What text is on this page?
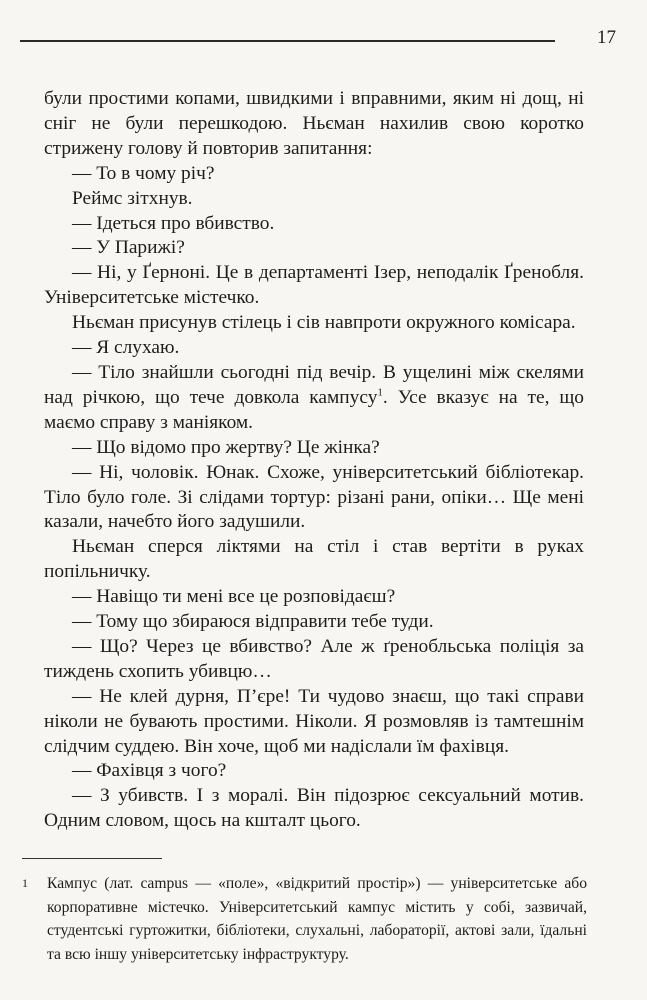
17

були простими копами, швидкими і вправними, яким ні дощ, ні сніг не були перешкодою. Ньєман нахилив свою коротко стрижену голову й повторив запитання:

— То в чому річ?

Реймс зітхнув.

— Ідеться про вбивство.

— У Парижі?

— Ні, у Ґерноні. Це в департаменті Ізер, неподалік Ґренобля. Університетське містечко.

Ньєман присунув стілець і сів навпроти окружного комісара.

— Я слухаю.

— Тіло знайшли сьогодні під вечір. В ущелині між скелями над річкою, що тече довкола кампусу$^1$. Усе вказує на те, що маємо справу з маніяком.

— Що відомо про жертву? Це жінка?

— Ні, чоловік. Юнак. Схоже, університетський бібліотекар. Тіло було голе. Зі слідами тортур: різані рани, опіки… Ще мені казали, начебто його задушили.

Ньєман сперся ліктями на стіл і став вертіти в руках попільничку.

— Навіщо ти мені все це розповідаєш?

— Тому що збираюся відправити тебе туди.

— Що? Через це вбивство? Але ж ґренобльська поліція за тиждень схопить убивцю…

— Не клей дурня, П’єре! Ти чудово знаєш, що такі справи ніколи не бувають простими. Ніколи. Я розмовляв із тамтешнім слідчим суддею. Він хоче, щоб ми надіслали їм фахівця.

— Фахівця з чого?

— З убивств. І з моралі. Він підозрює сексуальний мотив. Одним словом, щось на кшталт цього.

1 Кампус (лат. campus — «поле», «відкритий простір») — університетське або корпоративне містечко. Університетський кампус містить у собі, зазвичай, студентські гуртожитки, бібліотеки, слухальні, лабораторії, актові зали, їдальні та всю іншу університетську інфраструктуру.
